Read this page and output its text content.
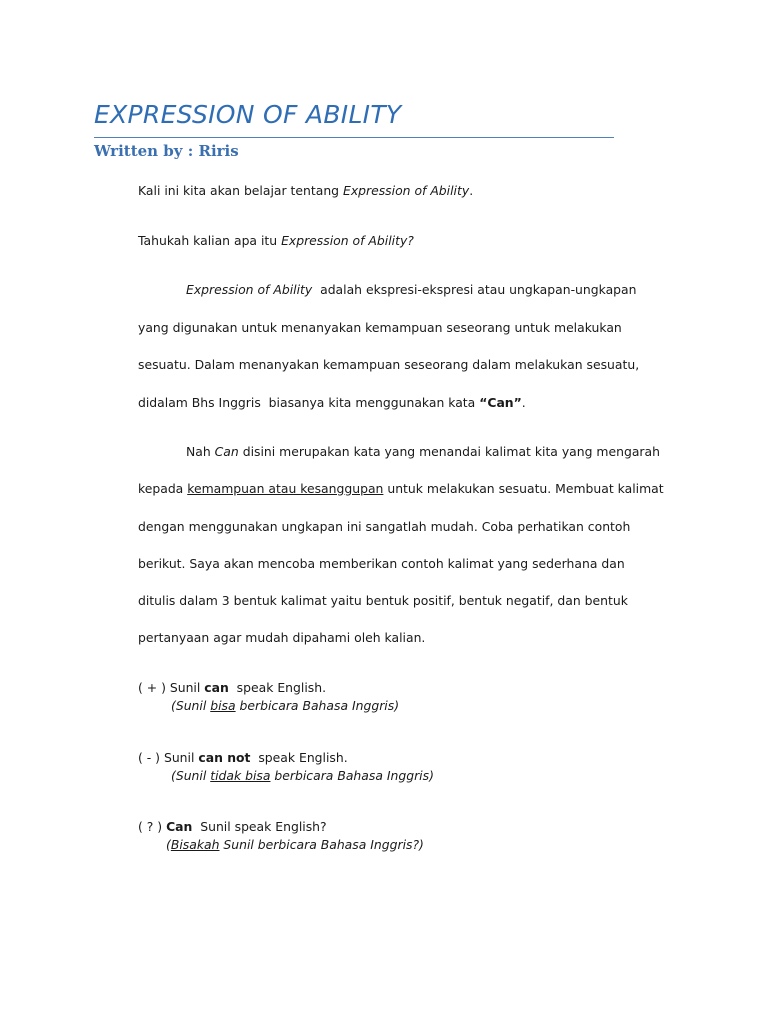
EXPRESSION OF ABILITY
Written by : Riris
Kali ini kita akan belajar tentang Expression of Ability.
Tahukah kalian apa itu Expression of Ability?
Expression of Ability  adalah ekspresi-ekspresi atau ungkapan-ungkapan
yang digunakan untuk menanyakan kemampuan seseorang untuk melakukan
sesuatu. Dalam menanyakan kemampuan seseorang dalam melakukan sesuatu,
didalam Bhs Inggris  biasanya kita menggunakan kata “Can”.
Nah Can disini merupakan kata yang menandai kalimat kita yang mengarah
kepada kemampuan atau kesanggupan untuk melakukan sesuatu. Membuat kalimat
dengan menggunakan ungkapan ini sangatlah mudah. Coba perhatikan contoh
berikut. Saya akan mencoba memberikan contoh kalimat yang sederhana dan
ditulis dalam 3 bentuk kalimat yaitu bentuk positif, bentuk negatif, dan bentuk
pertanyaan agar mudah dipahami oleh kalian.
( + ) Sunil can  speak English.
(Sunil bisa berbicara Bahasa Inggris)
( - ) Sunil can not  speak English.
(Sunil tidak bisa berbicara Bahasa Inggris)
( ? ) Can  Sunil speak English?
(Bisakah Sunil berbicara Bahasa Inggris?)
